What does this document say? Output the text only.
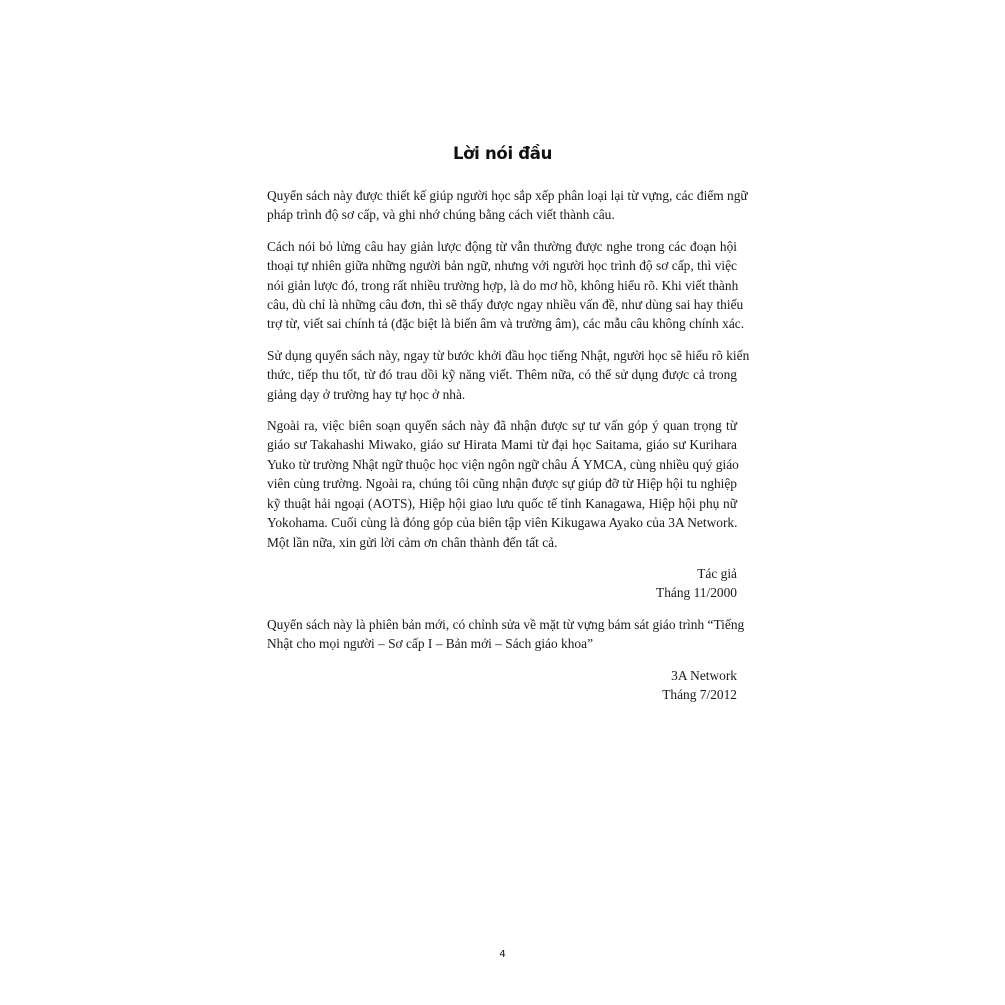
Lời nói đầu

Quyển sách này được thiết kế giúp người học sắp xếp phân loại lại từ vựng, các điểm ngữ
pháp trình độ sơ cấp, và ghi nhớ chúng bằng cách viết thành câu.

Cách nói bỏ lửng câu hay giản lược động từ vẫn thường được nghe trong các đoạn hội
thoại tự nhiên giữa những người bản ngữ, nhưng với người học trình độ sơ cấp, thì việc
nói giản lược đó, trong rất nhiều trường hợp, là do mơ hồ, không hiểu rõ. Khi viết thành
câu, dù chỉ là những câu đơn, thì sẽ thấy được ngay nhiều vấn đề, như dùng sai hay thiếu
trợ từ, viết sai chính tả (đặc biệt là biến âm và trường âm), các mẫu câu không chính xác.

Sử dụng quyển sách này, ngay từ bước khởi đầu học tiếng Nhật, người học sẽ hiểu rõ kiến
thức, tiếp thu tốt, từ đó trau dồi kỹ năng viết. Thêm nữa, có thể sử dụng được cả trong
giảng dạy ở trường hay tự học ở nhà.

Ngoài ra, việc biên soạn quyển sách này đã nhận được sự tư vấn góp ý quan trọng từ
giáo sư Takahashi Miwako, giáo sư Hirata Mami từ đại học Saitama, giáo sư Kurihara
Yuko từ trường Nhật ngữ thuộc học viện ngôn ngữ châu Á YMCA, cùng nhiều quý giáo
viên cùng trường. Ngoài ra, chúng tôi cũng nhận được sự giúp đỡ từ Hiệp hội tu nghiệp
kỹ thuật hải ngoại (AOTS), Hiệp hội giao lưu quốc tế tỉnh Kanagawa, Hiệp hội phụ nữ
Yokohama. Cuối cùng là đóng góp của biên tập viên Kikugawa Ayako của 3A Network.
Một lần nữa, xin gửi lời cảm ơn chân thành đến tất cả.

Tác giả
Tháng 11/2000

Quyển sách này là phiên bản mới, có chỉnh sửa về mặt từ vựng bám sát giáo trình “Tiếng
Nhật cho mọi người – Sơ cấp I – Bản mới – Sách giáo khoa”

3A Network
Tháng 7/2012
4
